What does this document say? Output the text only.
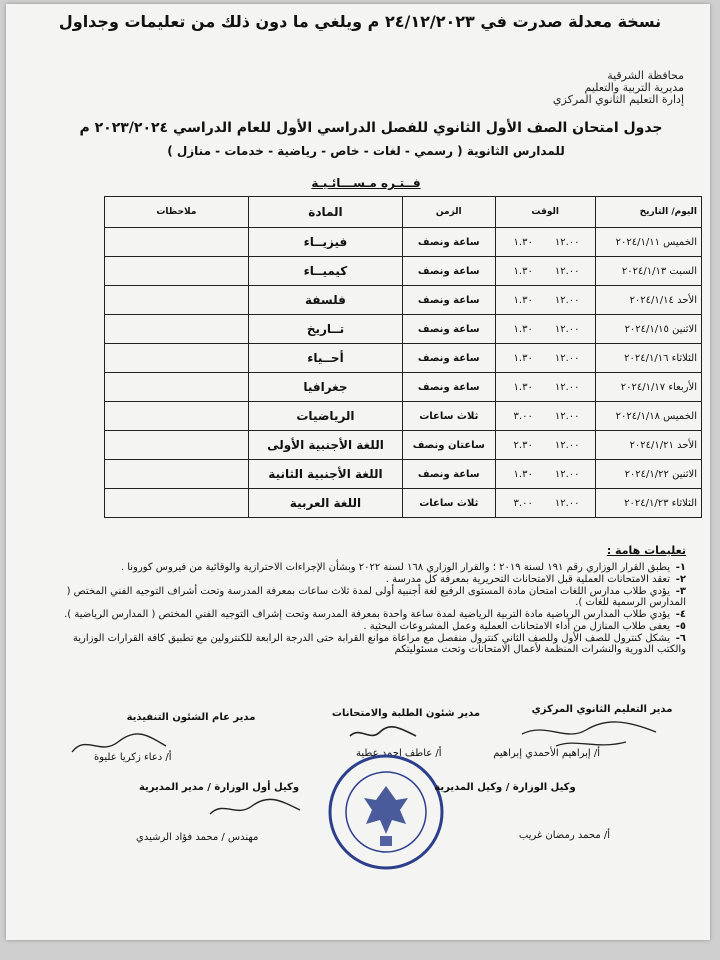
نسخة معدلة صدرت في ٢٤/١٢/٢٠٢٣ م ويلغي ما دون ذلك من تعليمات وجداول
محافظة الشرقية
مديرية التربية والتعليم
إدارة التعليم الثانوي المركزي
جدول امتحان الصف الأول الثانوي للفصل الدراسي الأول للعام الدراسي ٢٠٢٣/٢٠٢٤ م
للمدارس الثانوية ( رسمي - لغات - خاص - رياضية - خدمات - منازل )
فــتـره مـســـائـيـة
اليوم/ التاريخ	الوقت	الزمن	المادة	ملاحظات
الخميس ٢٠٢٤/١/١١	١٢.٠٠١.٣٠	ساعة ونصف	فيزيــاء	
السبت ٢٠٢٤/١/١٣	١٢.٠٠١.٣٠	ساعة ونصف	كيميــاء	
الأحد ٢٠٢٤/١/١٤	١٢.٠٠١.٣٠	ساعة ونصف	فلسفة	
الاثنين ٢٠٢٤/١/١٥	١٢.٠٠١.٣٠	ساعة ونصف	تــاريخ	
الثلاثاء ٢٠٢٤/١/١٦	١٢.٠٠١.٣٠	ساعة ونصف	أحــياء	
الأربعاء ٢٠٢٤/١/١٧	١٢.٠٠١.٣٠	ساعة ونصف	جغرافيا	
الخميس ٢٠٢٤/١/١٨	١٢.٠٠٣.٠٠	ثلاث ساعات	الرياضيات	
الأحد ٢٠٢٤/١/٢١	١٢.٠٠٢.٣٠	ساعتان ونصف	اللغة الأجنبية الأولى	
الاثنين ٢٠٢٤/١/٢٢	١٢.٠٠١.٣٠	ساعة ونصف	اللغة الأجنبية الثانية	
الثلاثاء ٢٠٢٤/١/٢٣	١٢.٠٠٣.٠٠	ثلاث ساعات	اللغة العربية	
تعليمات هامة :
١-يطبق القرار الوزاري رقم ١٩١ لسنة ٢٠١٩ ؛ والقرار الوزاري ١٦٨ لسنة ٢٠٢٢ وبشأن الإجراءات الاحترازية والوقائية من فيروس كورونا .
٢-تعقد الامتحانات العملية قبل الامتحانات التحريرية بمعرفة كل مدرسة .
٣-يؤدي طلاب مدارس اللغات امتحان مادة المستوى الرفيع لغة أجنبية أولى لمدة ثلاث ساعات بمعرفة المدرسة وتحت أشراف التوجيه الفني المختص ( المدارس الرسمية للغات ).
٤-يؤدي طلاب المدارس الرياضية مادة التربية الرياضية لمدة ساعة واحدة بمعرفة المدرسة وتحت إشراف التوجيه الفني المختص ( المدارس الرياضية ).
٥-يعفى طلاب المنازل من أداء الامتحانات العملية وعمل المشروعات البحثية .
٦-يشكل كنترول للصف الأول وللصف الثاني كنترول منفصل مع مراعاة موانع القرابة حتى الدرجة الرابعة للكنترولين مع تطبيق كافة القرارات الوزارية والكتب الدورية والنشرات المنظمة لأعمال الامتحانات وتحت مسئوليتكم
مدير التعليم الثانوي المركزي
مدير شئون الطلبة والامتحانات
مدير عام الشئون التنفيذية
أ/ إبراهيم الأحمدي إبراهيم
أ/ عاطف احمد عطية
أ/ دعاء زكريا عليوة
وكيل الوزارة / وكيل المديرية
وكيل أول الوزارة / مدير المديرية
أ/ محمد رمضان غريب
مهندس / محمد فؤاد الرشيدي
